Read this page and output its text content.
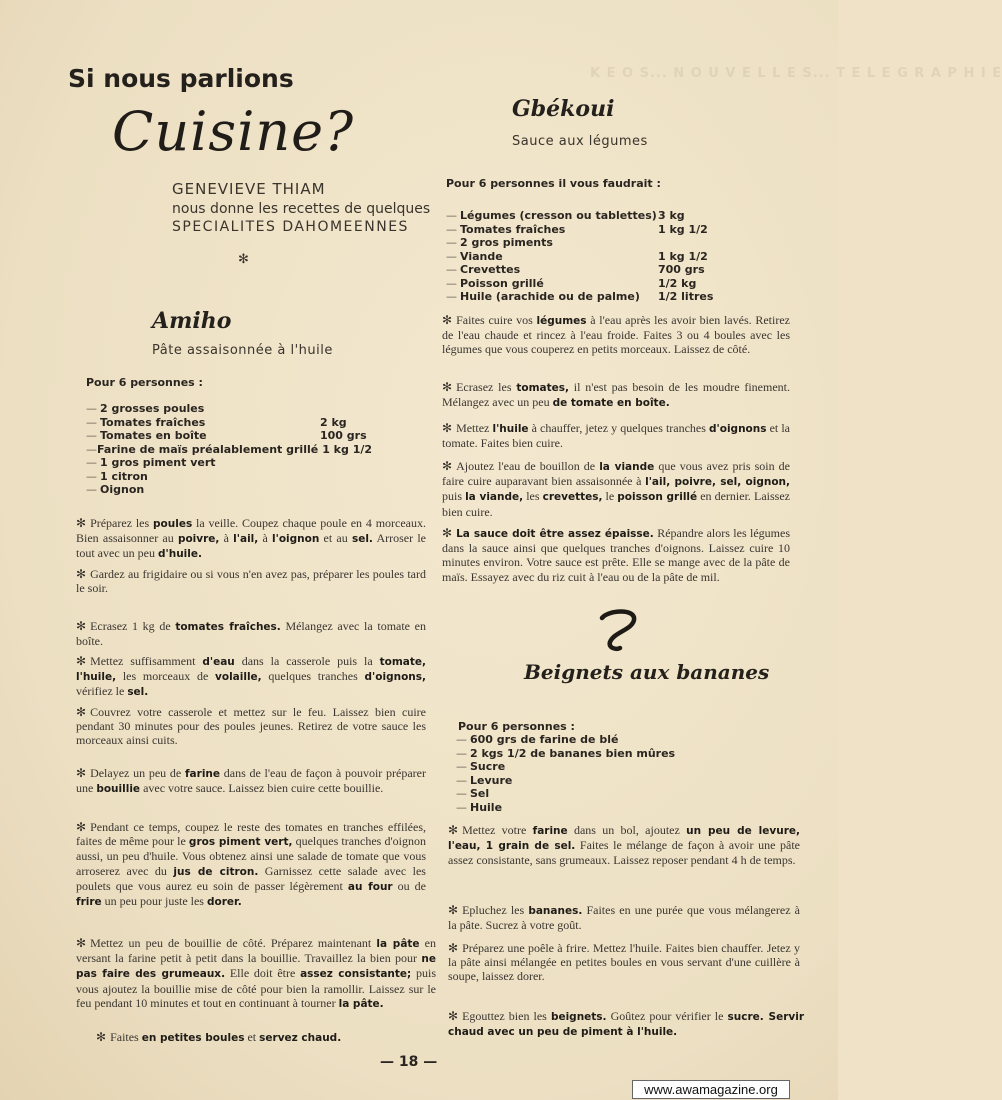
K E O S... N O U V E L L E S... T E L E G R A P H I E
Si nous parlions
Cuisine?
GENEVIEVE THIAM
nous donne les recettes de quelques
SPECIALITES DAHOMEENNES
✻
Amiho
Pâte assaisonnée à l'huile
Pour 6 personnes :
— 2 grosses poules
— Tomates fraîches	2 kg
— Tomates en boîte	100 grs
— Farine de maïs préalablement grillé 1 kg 1/2
— 1 gros piment vert
— 1 citron
— Oignon

✻ Préparez les poules la veille. Coupez chaque poule en 4 morceaux. Bien assaisonner au poivre, à l'ail, à l'oignon et au sel. Arroser le tout avec un peu d'huile.

✻ Gardez au frigidaire ou si vous n'en avez pas, préparer les poules tard le soir.

✻ Ecrasez 1 kg de tomates fraîches. Mélangez avec la tomate en boîte.

✻ Mettez suffisamment d'eau dans la casserole puis la tomate, l'huile, les morceaux de volaille, quelques tranches d'oignons, vérifiez le sel.

✻ Couvrez votre casserole et mettez sur le feu. Laissez bien cuire pendant 30 minutes pour des poules jeunes. Retirez de votre sauce les morceaux ainsi cuits.

✻ Delayez un peu de farine dans de l'eau de façon à pouvoir préparer une bouillie avec votre sauce. Laissez bien cuire cette bouillie.

✻ Pendant ce temps, coupez le reste des tomates en tranches effilées, faites de même pour le gros piment vert, quelques tranches d'oignon aussi, un peu d'huile. Vous obtenez ainsi une salade de tomate que vous arroserez avec du jus de citron. Garnissez cette salade avec les poulets que vous aurez eu soin de passer légèrement au four ou de frire un peu pour juste les dorer.

✻ Mettez un peu de bouillie de côté. Préparez maintenant la pâte en versant la farine petit à petit dans la bouillie. Travaillez la bien pour ne pas faire des grumeaux. Elle doit être assez consistante; puis vous ajoutez la bouillie mise de côté pour bien la ramollir. Laissez sur le feu pendant 10 minutes et tout en continuant à tourner la pâte.

✻ Faites en petites boules et servez chaud.

Gbékoui
Sauce aux légumes
Pour 6 personnes il vous faudrait :
— Légumes (cresson ou tablettes) 3 kg
— Tomates fraîches	1 kg 1/2
— 2 gros piments
— Viande	1 kg 1/2
— Crevettes	700 grs
— Poisson grillé	1/2 kg
— Huile (arachide ou de palme) 1/2 litres

✻ Faites cuire vos légumes à l'eau après les avoir bien lavés. Retirez de l'eau chaude et rincez à l'eau froide. Faites 3 ou 4 boules avec les légumes que vous couperez en petits morceaux. Laissez de côté.

✻ Ecrasez les tomates, il n'est pas besoin de les moudre finement. Mélangez avec un peu de tomate en boîte.

✻ Mettez l'huile à chauffer, jetez y quelques tranches d'oignons et la tomate. Faites bien cuire.

✻ Ajoutez l'eau de bouillon de la viande que vous avez pris soin de faire cuire auparavant bien assaisonnée à l'ail, poivre, sel, oignon, puis la viande, les crevettes, le poisson grillé en dernier. Laissez bien cuire.

✻ La sauce doit être assez épaisse. Répandre alors les légumes dans la sauce ainsi que quelques tranches d'oignons. Laissez cuire 10 minutes environ. Votre sauce est prête. Elle se mange avec de la pâte de maïs. Essayez avec du riz cuit à l'eau ou de la pâte de mil.

Beignets aux bananes
Pour 6 personnes :
— 600 grs de farine de blé
— 2 kgs 1/2 de bananes bien mûres
— Sucre
— Levure
— Sel
— Huile

✻ Mettez votre farine dans un bol, ajoutez un peu de levure, l'eau, 1 grain de sel. Faites le mélange de façon à avoir une pâte assez consistante, sans grumeaux. Laissez reposer pendant 4 h de temps.

✻ Epluchez les bananes. Faites en une purée que vous mélangerez à la pâte. Sucrez à votre goût.

✻ Préparez une poêle à frire. Mettez l'huile. Faites bien chauffer. Jetez y la pâte ainsi mélangée en petites boules en vous servant d'une cuillère à soupe, laissez dorer.

✻ Egouttez bien les beignets. Goûtez pour vérifier le sucre. Servir chaud avec un peu de piment à l'huile.

— 18 —
www.awamagazine.org
